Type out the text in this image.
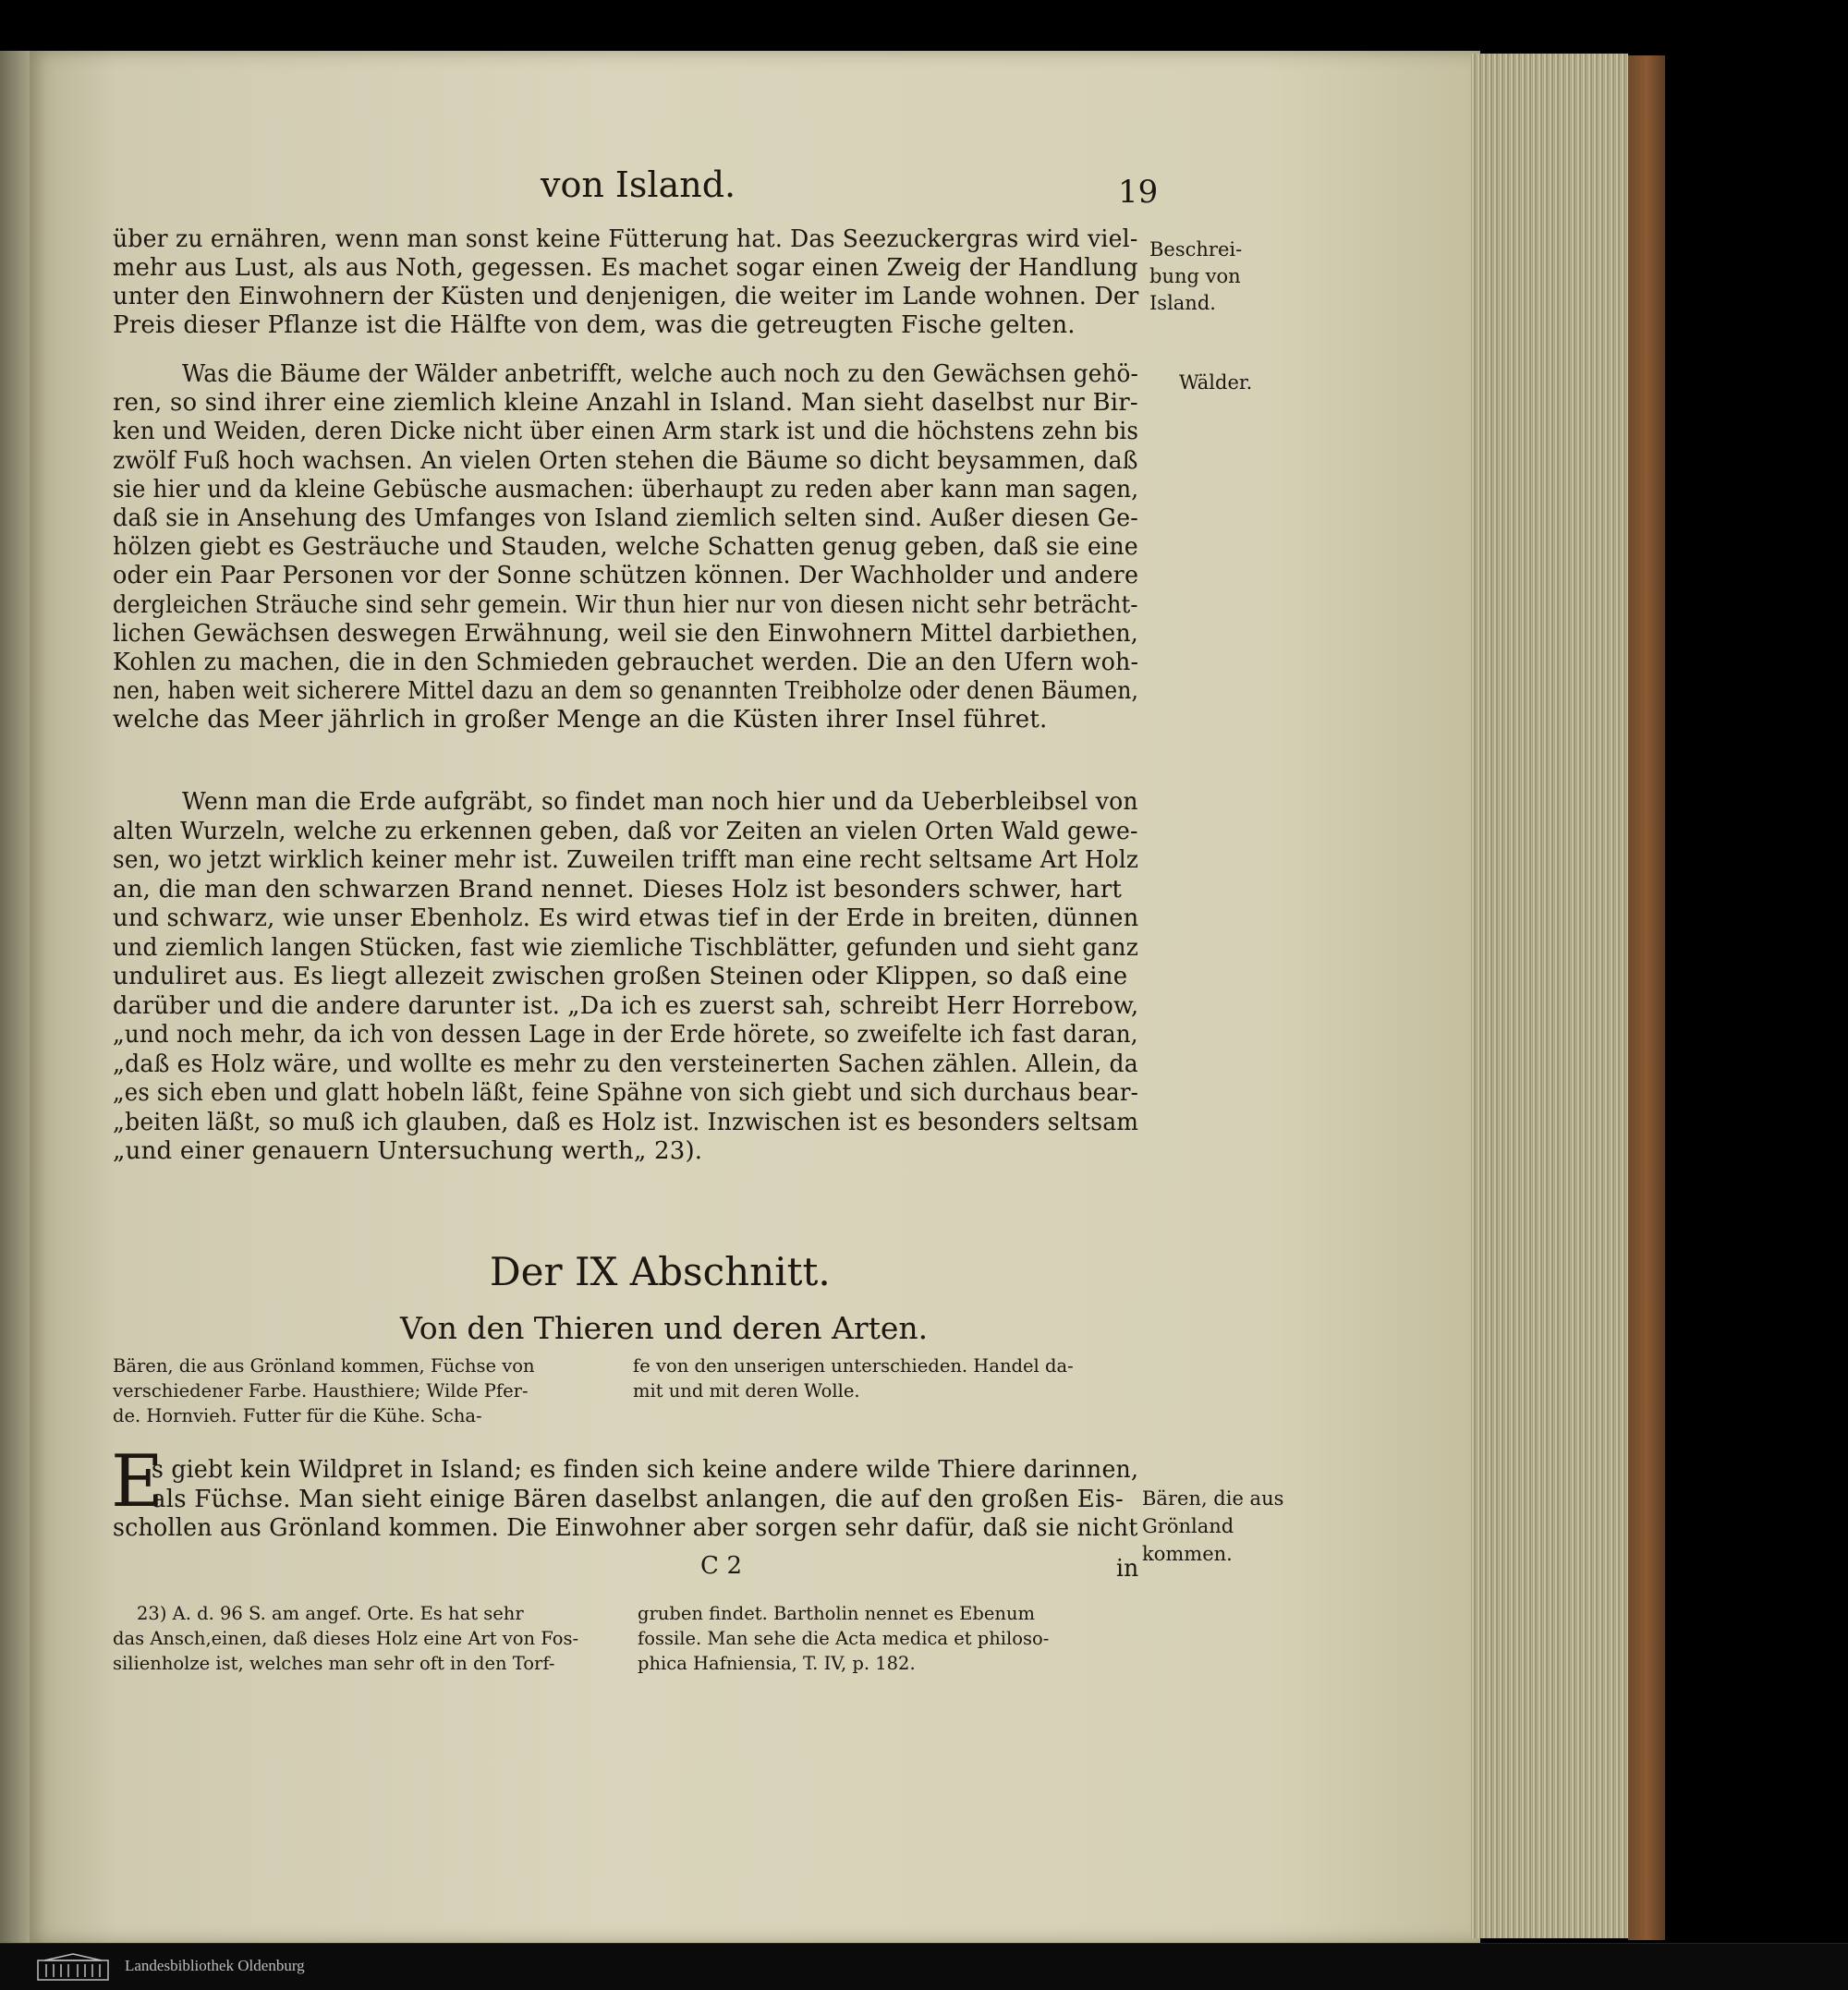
von Island.	19
über zu ernähren, wenn man sonst keine Fütterung hat. Das Seezuckergras wird viel-
mehr aus Lust, als aus Noth, gegessen. Es machet sogar einen Zweig der Handlung
unter den Einwohnern der Küsten und denjenigen, die weiter im Lande wohnen. Der
Preis dieser Pflanze ist die Hälfte von dem, was die getreugten Fische gelten.
Was die Bäume der Wälder anbetrifft, welche auch noch zu den Gewächsen gehö-
ren, so sind ihrer eine ziemlich kleine Anzahl in Island. Man sieht daselbst nur Bir-
ken und Weiden, deren Dicke nicht über einen Arm stark ist und die höchstens zehn bis
zwölf Fuß hoch wachsen. An vielen Orten stehen die Bäume so dicht beysammen, daß
sie hier und da kleine Gebüsche ausmachen: überhaupt zu reden aber kann man sagen,
daß sie in Ansehung des Umfanges von Island ziemlich selten sind. Außer diesen Ge-
hölzen giebt es Gesträuche und Stauden, welche Schatten genug geben, daß sie eine
oder ein Paar Personen vor der Sonne schützen können. Der Wachholder und andere
dergleichen Sträuche sind sehr gemein. Wir thun hier nur von diesen nicht sehr beträcht-
lichen Gewächsen deswegen Erwähnung, weil sie den Einwohnern Mittel darbiethen,
Kohlen zu machen, die in den Schmieden gebrauchet werden. Die an den Ufern woh-
nen, haben weit sicherere Mittel dazu an dem so genannten Treibholze oder denen Bäumen,
welche das Meer jährlich in großer Menge an die Küsten ihrer Insel führet.
Wenn man die Erde aufgräbt, so findet man noch hier und da Ueberbleibsel von
alten Wurzeln, welche zu erkennen geben, daß vor Zeiten an vielen Orten Wald gewe-
sen, wo jetzt wirklich keiner mehr ist. Zuweilen trifft man eine recht seltsame Art Holz
an, die man den schwarzen Brand nennet. Dieses Holz ist besonders schwer, hart
und schwarz, wie unser Ebenholz. Es wird etwas tief in der Erde in breiten, dünnen
und ziemlich langen Stücken, fast wie ziemliche Tischblätter, gefunden und sieht ganz
unduliret aus. Es liegt allezeit zwischen großen Steinen oder Klippen, so daß eine
darüber und die andere darunter ist. „Da ich es zuerst sah, schreibt Herr Horrebow,
„und noch mehr, da ich von dessen Lage in der Erde hörete, so zweifelte ich fast daran,
„daß es Holz wäre, und wollte es mehr zu den versteinerten Sachen zählen. Allein, da
„es sich eben und glatt hobeln läßt, feine Spähne von sich giebt und sich durchaus bear-
„beiten läßt, so muß ich glauben, daß es Holz ist. Inzwischen ist es besonders seltsam
„und einer genauern Untersuchung werth„ 23).
Beschrei-
bung von
Island.
Wälder.
Der IX Abschnitt.
Von den Thieren und deren Arten.
Bären, die aus Grönland kommen, Füchse von
verschiedener Farbe. Hausthiere; Wilde Pfer-
de. Hornvieh. Futter für die Kühe. Scha-
fe von den unserigen unterschieden. Handel da-
mit und mit deren Wolle.
E
s giebt kein Wildpret in Island; es finden sich keine andere wilde Thiere darinnen,
als Füchse. Man sieht einige Bären daselbst anlangen, die auf den großen Eis-
schollen aus Grönland kommen. Die Einwohner aber sorgen sehr dafür, daß sie nicht
Bären, die aus
Grönland
kommen.
C 2	in
23) A. d. 96 S. am angef. Orte. Es hat sehr
das Ansch,einen, daß dieses Holz eine Art von Fos-
silienholze ist, welches man sehr oft in den Torf-
gruben findet. Bartholin nennet es Ebenum
fossile. Man sehe die Acta medica et philoso-
phica Hafniensia, T. IV, p. 182.
Landesbibliothek Oldenburg
